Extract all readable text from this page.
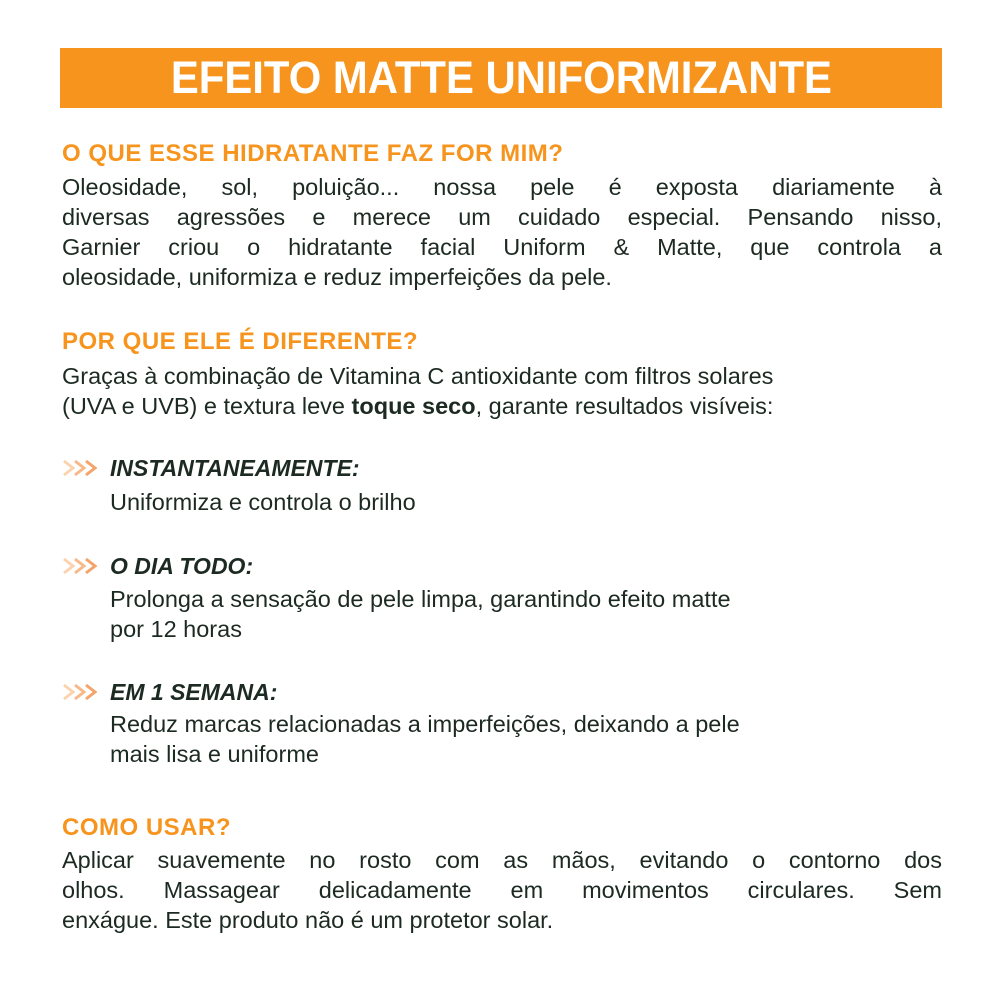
EFEITO MATTE UNIFORMIZANTE
O QUE ESSE HIDRATANTE FAZ FOR MIM?
Oleosidade, sol, poluição... nossa pele é exposta diariamente à
diversas agressões e merece um cuidado especial. Pensando nisso,
Garnier criou o hidratante facial Uniform & Matte, que controla a
oleosidade, uniformiza e reduz imperfeições da pele.
POR QUE ELE É DIFERENTE?
Graças à combinação de Vitamina C antioxidante com filtros solares
(UVA e UVB) e textura leve toque seco, garante resultados visíveis:
INSTANTANEAMENTE:
Uniformiza e controla o brilho
O DIA TODO:
Prolonga a sensação de pele limpa, garantindo efeito matte
por 12 horas
EM 1 SEMANA:
Reduz marcas relacionadas a imperfeições, deixando a pele
mais lisa e uniforme
COMO USAR?
Aplicar suavemente no rosto com as mãos, evitando o contorno dos
olhos. Massagear delicadamente em movimentos circulares. Sem
enxágue. Este produto não é um protetor solar.
